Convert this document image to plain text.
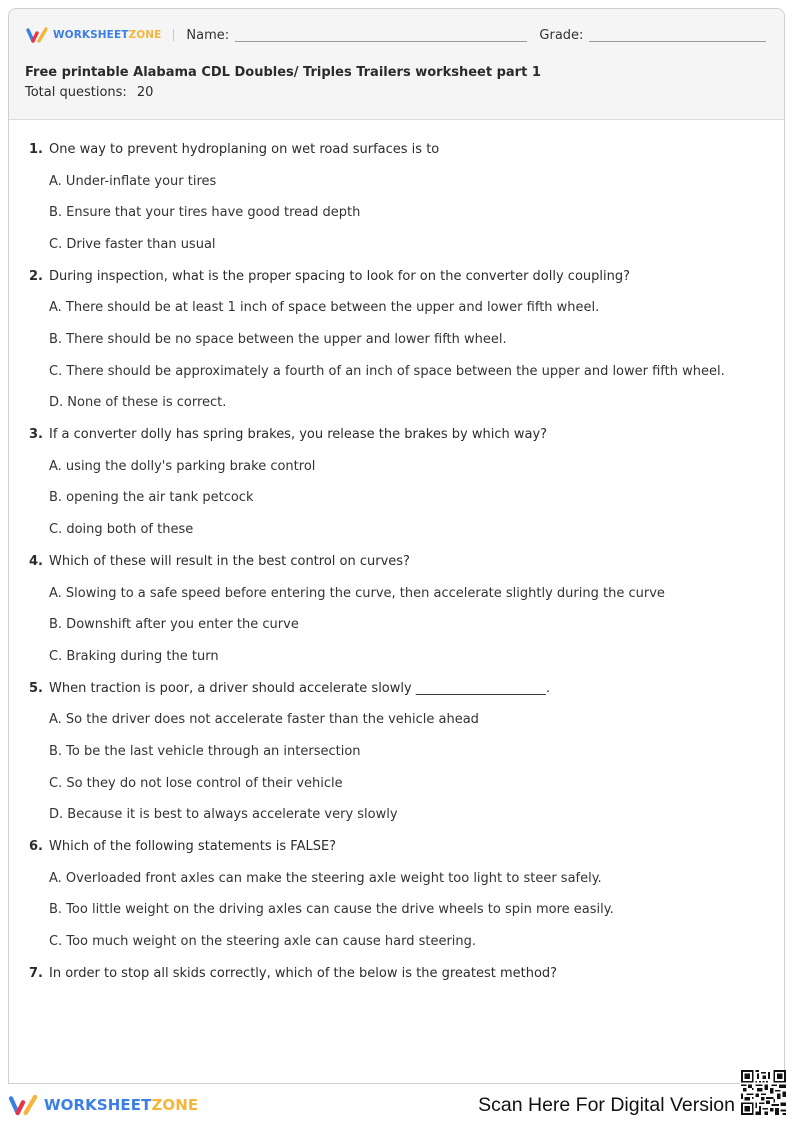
WORKSHEETZONE Name:	Grade:
Free printable Alabama CDL Doubles/ Triples Trailers worksheet part 1
Total questions: 20
1. One way to prevent hydroplaning on wet road surfaces is to
A. Under-inflate your tires
B. Ensure that your tires have good tread depth
C. Drive faster than usual
2. During inspection, what is the proper spacing to look for on the converter dolly coupling?
A. There should be at least 1 inch of space between the upper and lower fifth wheel.
B. There should be no space between the upper and lower fifth wheel.
C. There should be approximately a fourth of an inch of space between the upper and lower fifth wheel.
D. None of these is correct.
3. If a converter dolly has spring brakes, you release the brakes by which way?
A. using the dolly's parking brake control
B. opening the air tank petcock
C. doing both of these
4. Which of these will result in the best control on curves?
A. Slowing to a safe speed before entering the curve, then accelerate slightly during the curve
B. Downshift after you enter the curve
C. Braking during the turn
5. When traction is poor, a driver should accelerate slowly ____________________.
A. So the driver does not accelerate faster than the vehicle ahead
B. To be the last vehicle through an intersection
C. So they do not lose control of their vehicle
D. Because it is best to always accelerate very slowly
6. Which of the following statements is FALSE?
A. Overloaded front axles can make the steering axle weight too light to steer safely.
B. Too little weight on the driving axles can cause the drive wheels to spin more easily.
C. Too much weight on the steering axle can cause hard steering.
7. In order to stop all skids correctly, which of the below is the greatest method?
WORKSHEETZONE	Scan Here For Digital Version
